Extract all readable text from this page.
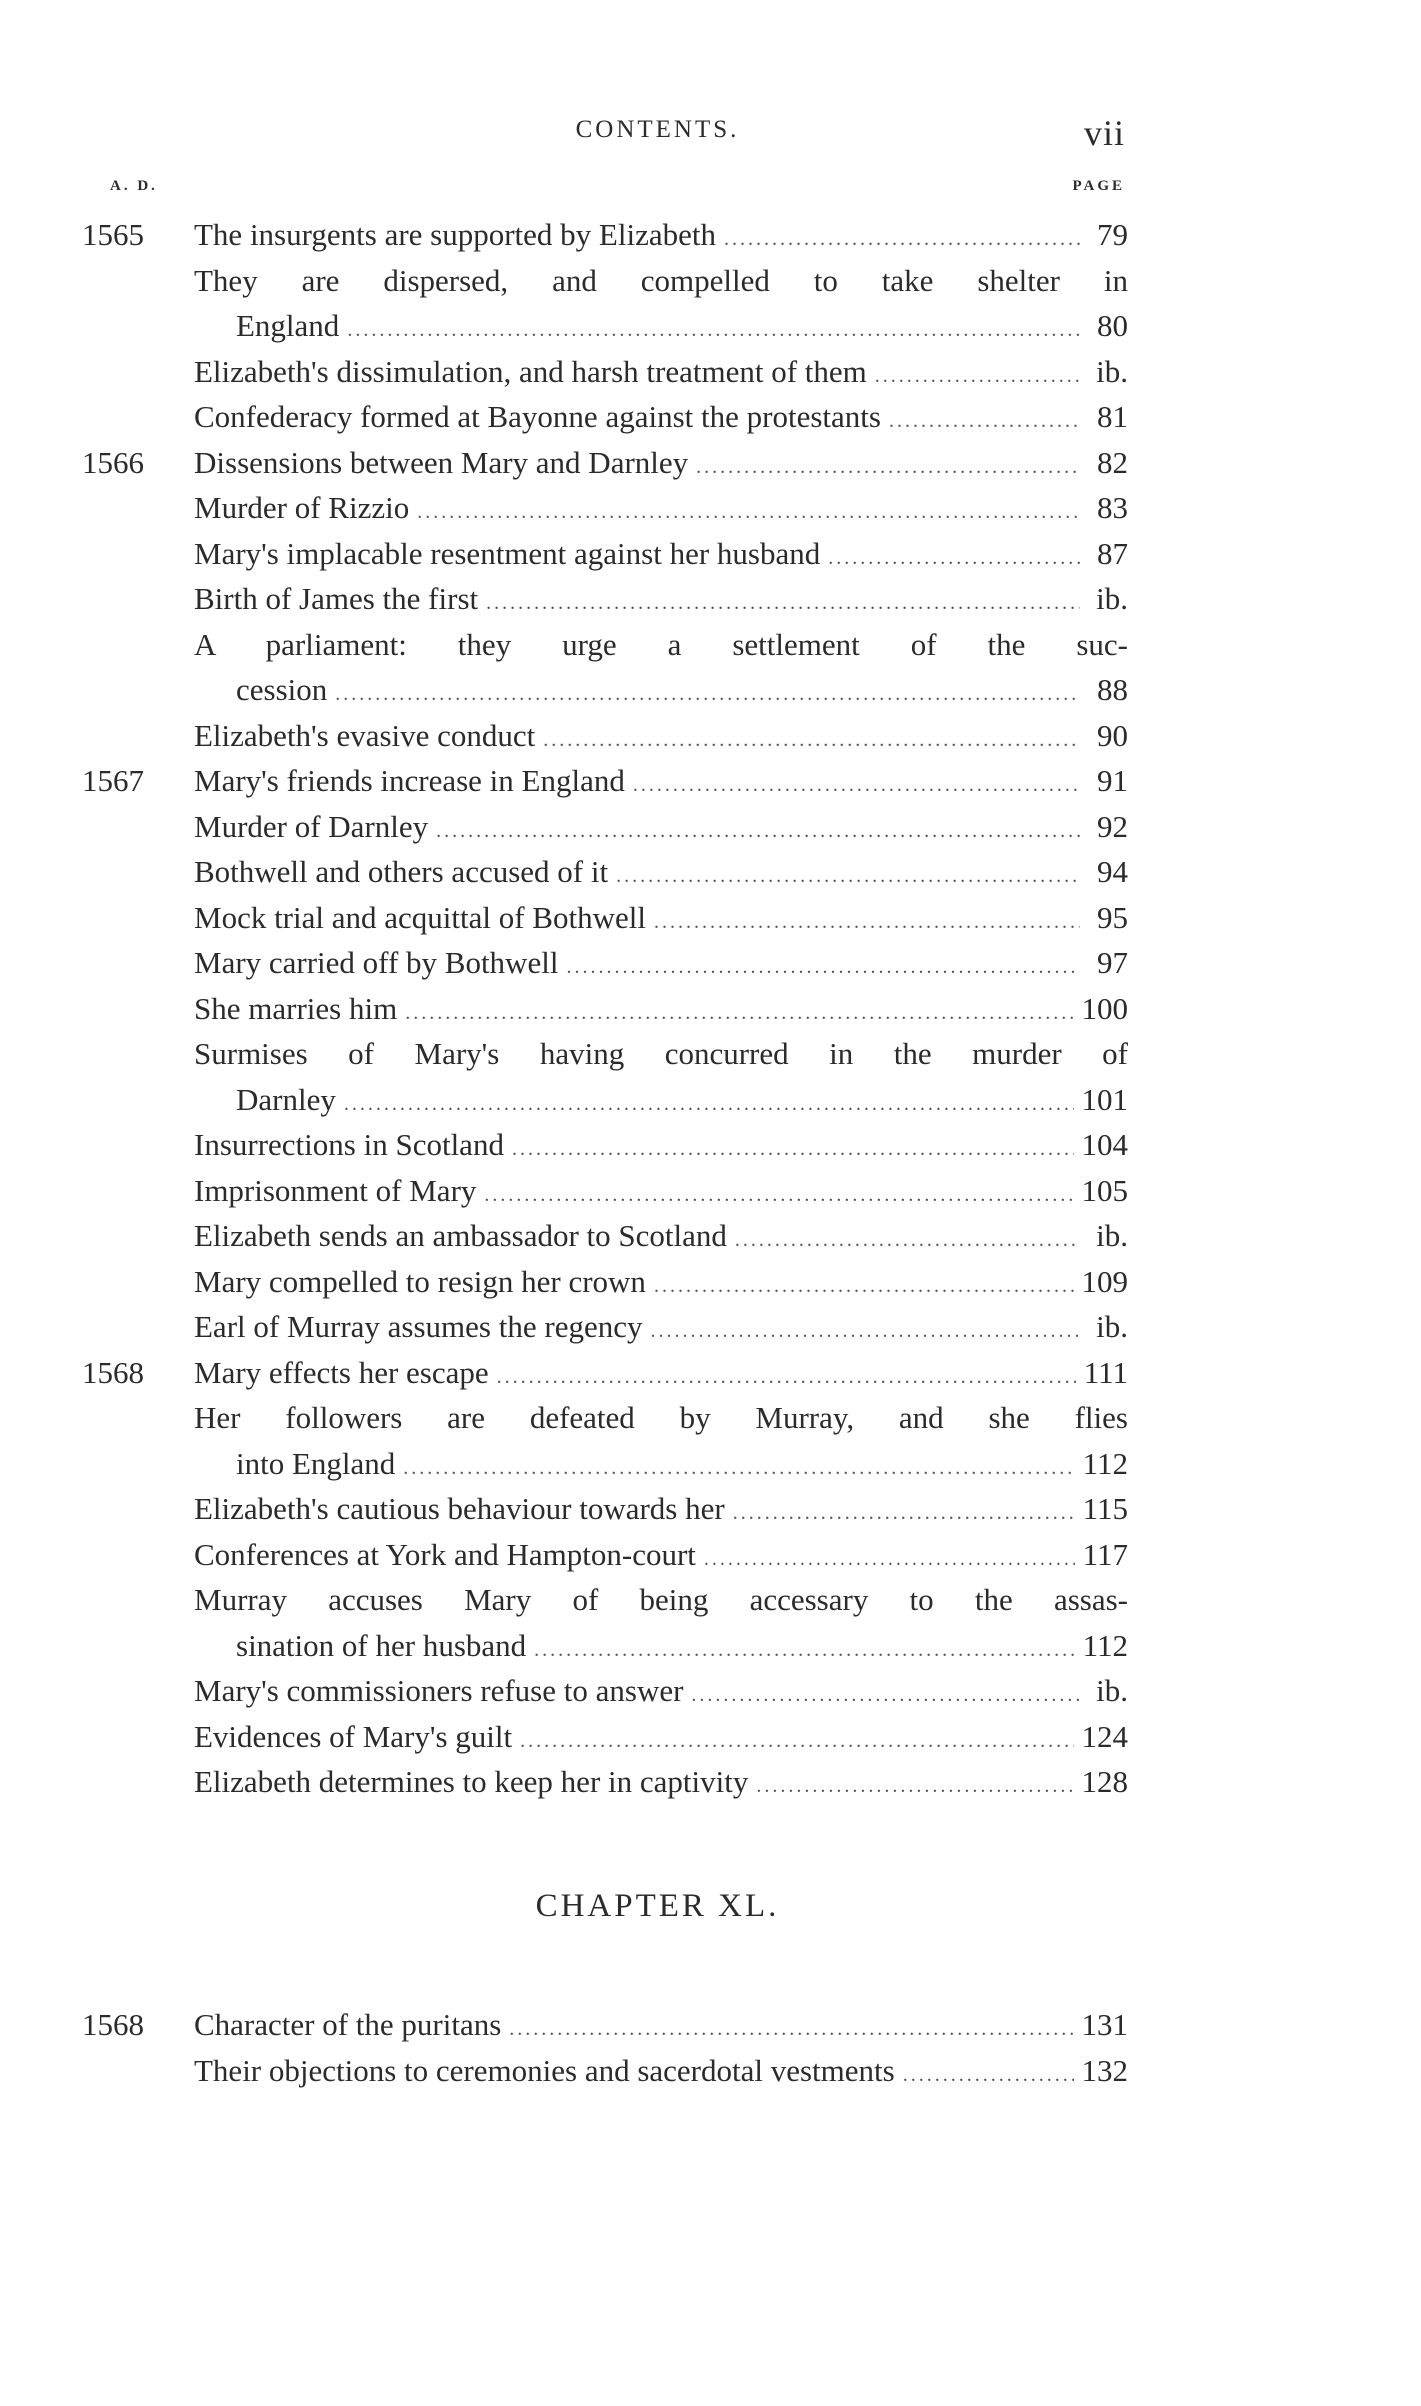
CONTENTS.	vii
A. D.	PAGE
1565	The insurgents are supported by Elizabeth .....	79
They are dispersed, and compelled to take shelter in
England .....	80
Elizabeth's dissimulation, and harsh treatment of them .....	ib.
Confederacy formed at Bayonne against the protestants .....	81
1566	Dissensions between Mary and Darnley .....	82
Murder of Rizzio .....	83
Mary's implacable resentment against her husband .....	87
Birth of James the first .....	ib.
A parliament: they urge a settlement of the suc-
cession .....	88
Elizabeth's evasive conduct .....	90
1567	Mary's friends increase in England .....	91
Murder of Darnley .....	92
Bothwell and others accused of it .....	94
Mock trial and acquittal of Bothwell .....	95
Mary carried off by Bothwell .....	97
She marries him .....	100
Surmises of Mary's having concurred in the murder of
Darnley .....	101
Insurrections in Scotland .....	104
Imprisonment of Mary .....	105
Elizabeth sends an ambassador to Scotland .....	ib.
Mary compelled to resign her crown .....	109
Earl of Murray assumes the regency .....	ib.
1568	Mary effects her escape .....	111
Her followers are defeated by Murray, and she flies
into England .....	112
Elizabeth's cautious behaviour towards her .....	115
Conferences at York and Hampton-court .....	117
Murray accuses Mary of being accessary to the assas-
sination of her husband .....	112
Mary's commissioners refuse to answer .....	ib.
Evidences of Mary's guilt .....	124
Elizabeth determines to keep her in captivity .....	128
CHAPTER XL.
1568	Character of the puritans .....	131
Their objections to ceremonies and sacerdotal vestments .....	132
